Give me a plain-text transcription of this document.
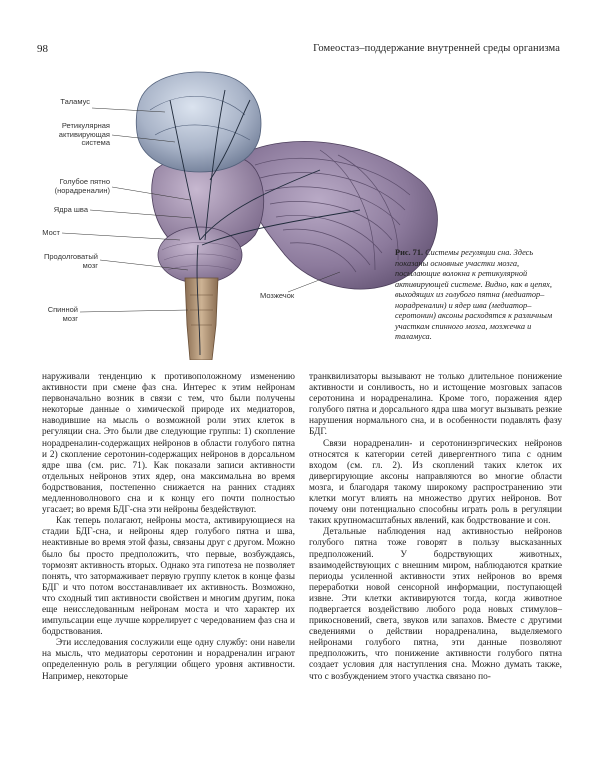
98	Гомеостаз–поддержание внутренней среды организма
Таламус
Ретикулярная
активирующая
система
Голубое пятно
(норадреналин)
Ядра шва
Мост
Продолговатый
мозг
Спинной
мозг
Мозжечок
Рис. 71. Системы регуляции сна. Здесь показаны основные участки мозга, посылающие волокна к ретикулярной активирующей системе. Видно, как в цепях, выходящих из голубого пятна (медиатор–норадреналин) и ядер шва (медиатор–серотонин) аксоны расходятся к различным участкам спинного мозга, мозжечка и таламуса.

наруживали тенденцию к противоположному изменению активности при смене фаз сна. Интерес к этим нейронам первоначально возник в связи с тем, что были получены некоторые данные о химической природе их медиаторов, наводившие на мысль о возможной роли этих клеток в регуляции сна. Это были две следующие группы: 1) скопление норадреналин-содержащих нейронов в области голубого пятна и 2) скопление серотонин-содержащих нейронов в дорсальном ядре шва (см. рис. 71). Как показали записи активности отдельных нейронов этих ядер, она максимальна во время бодрствования, постепенно снижается на ранних стадиях медленноволнового сна и к концу его почти полностью угасает; во время БДГ-сна эти нейроны бездействуют.

Как теперь полагают, нейроны моста, активирующиеся на стадии БДГ-сна, и нейроны ядер голубого пятна и шва, неактивные во время этой фазы, связаны друг с другом. Можно было бы просто предположить, что первые, возбуждаясь, тормозят активность вторых. Однако эта гипотеза не позволяет понять, что затормаживает первую группу клеток в конце фазы БДГ и что потом восстанавливает их активность. Возможно, что сходный тип активности свойствен и многим другим, пока еще неисследованным нейронам моста и что характер их импульсации еще лучше коррелирует с чередованием фаз сна и бодрствования.

Эти исследования сослужили еще одну службу: они навели на мысль, что медиаторы серотонин и норадреналин играют определенную роль в регуляции общего уровня активности. Например, некоторые

транквилизаторы вызывают не только длительное понижение активности и сонливость, но и истощение мозговых запасов серотонина и норадреналина. Кроме того, поражения ядер голубого пятна и дорсального ядра шва могут вызывать резкие нарушения нормального сна, и в особенности подавлять фазу БДГ.

Связи норадреналин- и серотонинэргических нейронов относятся к категории сетей дивергентного типа с одним входом (см. гл. 2). Из скоплений таких клеток их дивергирующие аксоны направляются во многие области мозга, и благодаря такому широкому распространению эти клетки могут влиять на множество других нейронов. Вот почему они потенциально способны играть роль в регуляции таких крупномасштабных явлений, как бодрствование и сон.

Детальные наблюдения над активностью нейронов голубого пятна тоже говорят в пользу высказанных предположений. У бодрствующих животных, взаимодействующих с внешним миром, наблюдаются краткие периоды усиленной активности этих нейронов во время переработки новой сенсорной информации, поступающей извне. Эти клетки активируются тогда, когда животное подвергается воздействию любого рода новых стимулов–прикосновений, света, звуков или запахов. Вместе с другими сведениями о действии норадреналина, выделяемого нейронами голубого пятна, эти данные позволяют предположить, что понижение активности голубого пятна создает условия для наступления сна. Можно думать также, что с возбуждением этого участка связано по-
